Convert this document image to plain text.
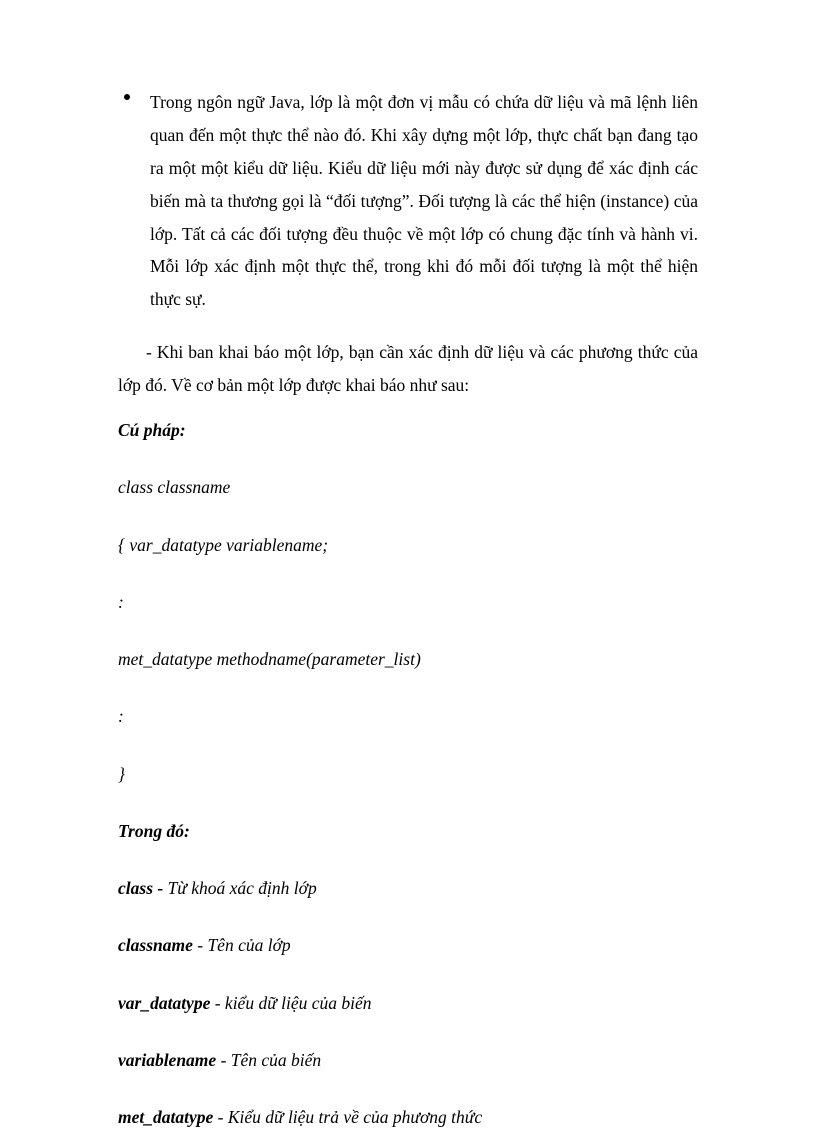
Trong ngôn ngữ Java, lớp là một đơn vị mẫu có chứa dữ liệu và mã lệnh liên quan đến một thực thể nào đó. Khi xây dựng một lớp, thực chất bạn đang tạo ra một một kiểu dữ liệu. Kiểu dữ liệu mới này được sử dụng để xác định các biến mà ta thương gọi là “đối tượng”. Đối tượng là các thể hiện (instance) của lớp. Tất cả các đối tượng đều thuộc về một lớp có chung đặc tính và hành vi. Mỗi lớp xác định một thực thể, trong khi đó mỗi đối tượng là một thể hiện thực sự.

- Khi ban khai báo một lớp, bạn cần xác định dữ liệu và các phương thức của lớp đó. Về cơ bản một lớp được khai báo như sau:

Cú pháp:

class classname

{ var_datatype variablename;

:

met_datatype methodname(parameter_list)

:

}

Trong đó:

class - Từ khoá xác định lớp

classname - Tên của lớp

var_datatype - kiểu dữ liệu của biến

variablename - Tên của biến

met_datatype - Kiểu dữ liệu trả về của phương thức
